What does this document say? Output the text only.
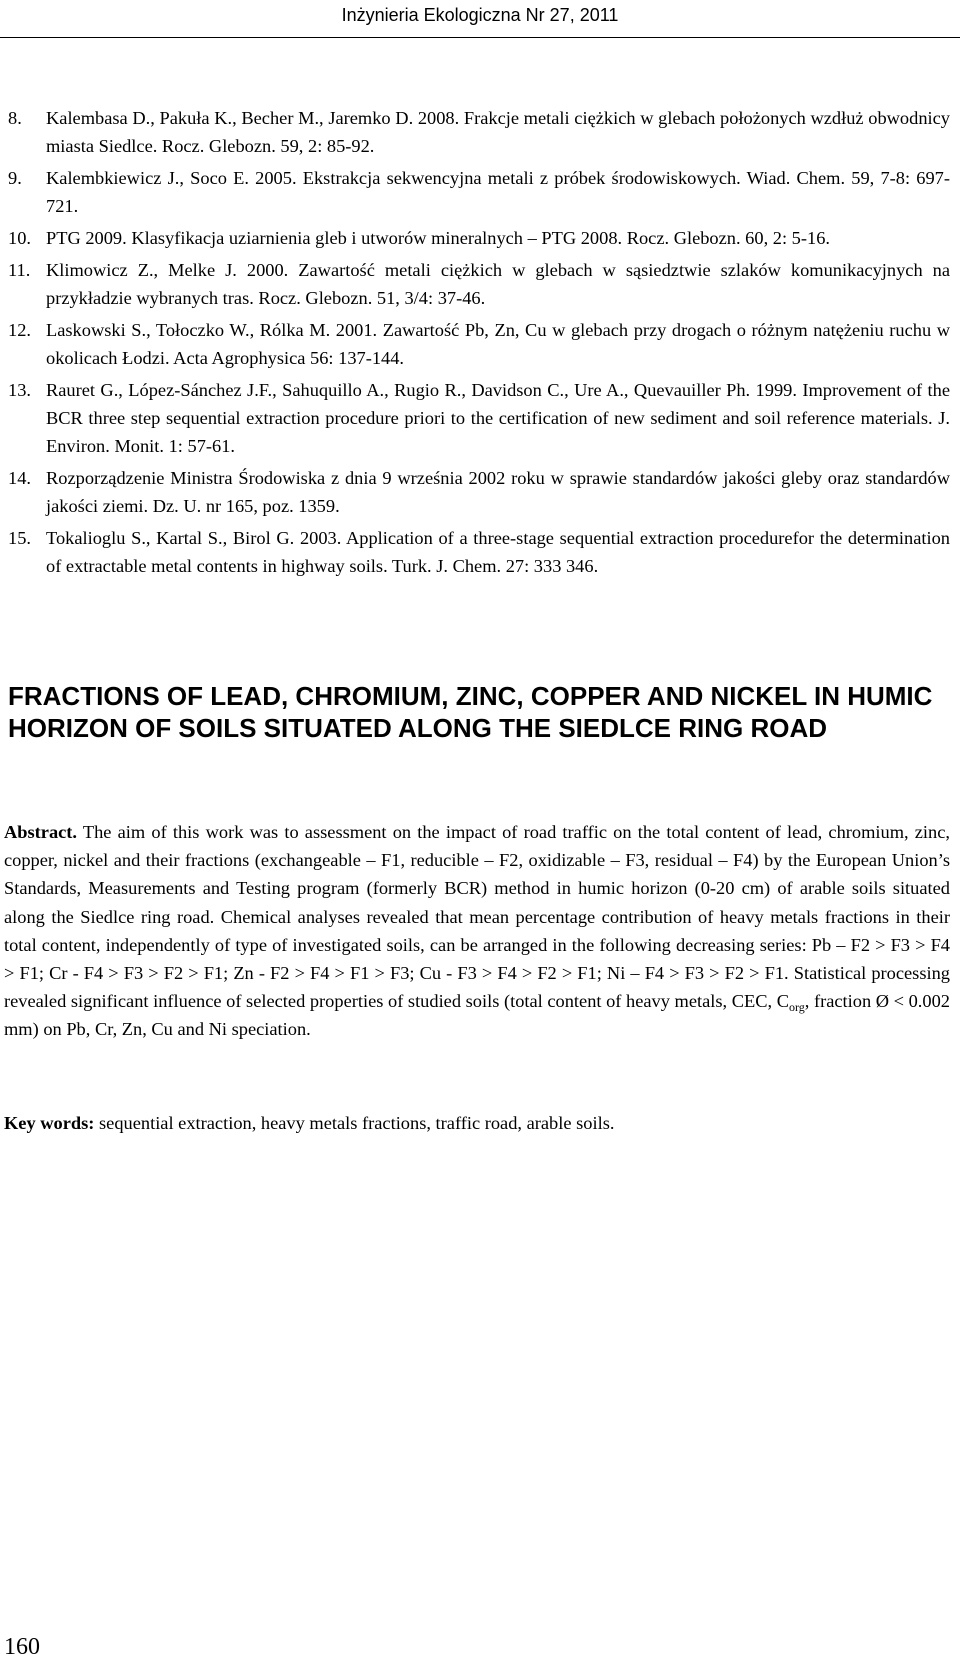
Inżynieria Ekologiczna Nr 27, 2011
8. Kalembasa D., Pakuła K., Becher M., Jaremko D. 2008. Frakcje metali ciężkich w glebach położonych wzdłuż obwodnicy miasta Siedlce. Rocz. Glebozn. 59, 2: 85-92.
9. Kalembkiewicz J., Soco E. 2005. Ekstrakcja sekwencyjna metali z próbek środowiskowych. Wiad. Chem. 59, 7-8: 697-721.
10. PTG 2009. Klasyfikacja uziarnienia gleb i utworów mineralnych – PTG 2008. Rocz. Glebozn. 60, 2: 5-16.
11. Klimowicz Z., Melke J. 2000. Zawartość metali ciężkich w glebach w sąsiedztwie szlaków komunikacyjnych na przykładzie wybranych tras. Rocz. Glebozn. 51, 3/4: 37-46.
12. Laskowski S., Tołoczko W., Rólka M. 2001. Zawartość Pb, Zn, Cu w glebach przy drogach o różnym natężeniu ruchu w okolicach Łodzi. Acta Agrophysica 56: 137-144.
13. Rauret G., López-Sánchez J.F., Sahuquillo A., Rugio R., Davidson C., Ure A., Quevauiller Ph. 1999. Improvement of the BCR three step sequential extraction procedure priori to the certification of new sediment and soil reference materials. J. Environ. Monit. 1: 57-61.
14. Rozporządzenie Ministra Środowiska z dnia 9 września 2002 roku w sprawie standardów jakości gleby oraz standardów jakości ziemi. Dz. U. nr 165, poz. 1359.
15. Tokalioglu S., Kartal S., Birol G. 2003. Application of a three-stage sequential extraction procedurefor the determination of extractable metal contents in highway soils. Turk. J. Chem. 27: 333 346.
FRACTIONS OF LEAD, CHROMIUM, ZINC, COPPER AND NICKEL IN HUMIC HORIZON OF SOILS SITUATED ALONG THE SIEDLCE RING ROAD

Abstract. The aim of this work was to assessment on the impact of road traffic on the total content of lead, chromium, zinc, copper, nickel and their fractions (exchangeable – F1, reducible – F2, oxidizable – F3, residual – F4) by the European Union’s Standards, Measurements and Testing program (formerly BCR) method in humic horizon (0-20 cm) of arable soils situated along the Siedlce ring road. Chemical analyses revealed that mean percentage contribution of heavy metals fractions in their total content, independently of type of investigated soils, can be arranged in the following decreasing series: Pb – F2 > F3 > F4 > F1; Cr - F4 > F3 > F2 > F1; Zn - F2 > F4 > F1 > F3; Cu - F3 > F4 > F2 > F1; Ni – F4 > F3 > F2 > F1. Statistical processing revealed significant influence of selected properties of studied soils (total content of heavy metals, CEC, $C_{org}$, fraction Ø < 0.002 mm) on Pb, Cr, Zn, Cu and Ni speciation.

Key words: sequential extraction, heavy metals fractions, traffic road, arable soils.

160
